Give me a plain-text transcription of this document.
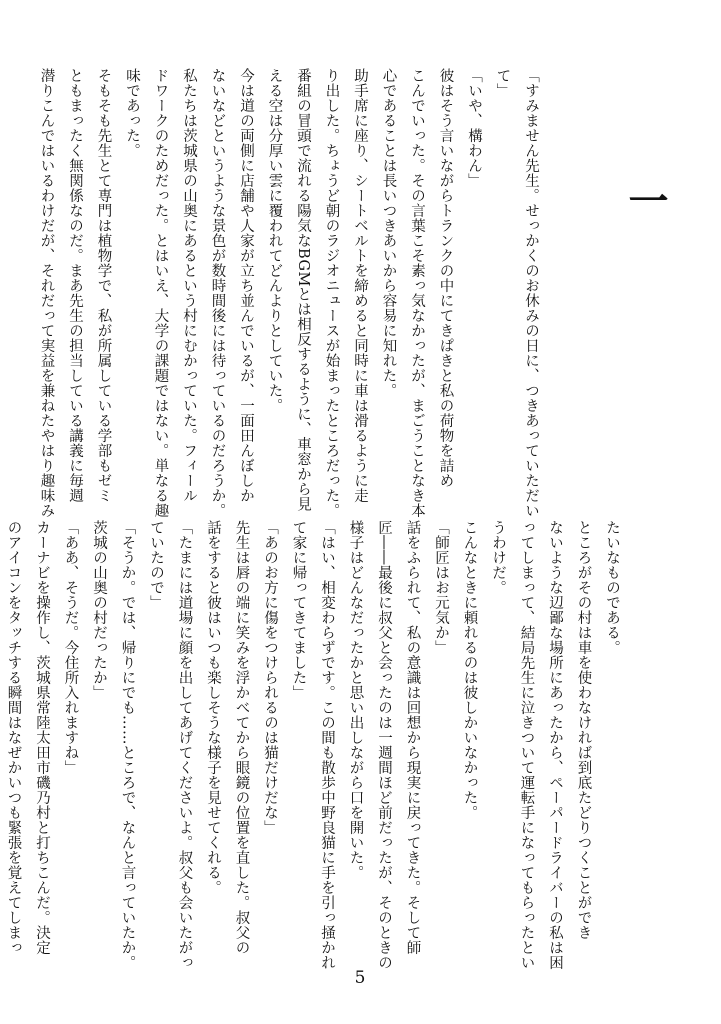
一
「すみません先生。せっかくのお休みの日に、つきあっていただい
て」
「いや、構わん」
彼はそう言いながらトランクの中にてきぱきと私の荷物を詰め
こんでいった。その言葉こそ素っ気なかったが、まごうことなき本
心であることは長いつきあいから容易に知れた。
助手席に座り、シートベルトを締めると同時に車は滑るように走
り出した。ちょうど朝のラジオニュースが始まったところだった。
番組の冒頭で流れる陽気なBGMとは相反するように、車窓から見
える空は分厚い雲に覆われてどんよりとしていた。
今は道の両側に店舗や人家が立ち並んでいるが、一面田んぼしか
ないなどというような景色が数時間後には待っているのだろうか。
私たちは茨城県の山奥にあるという村にむかっていた。フィール
ドワークのためだった。とはいえ、大学の課題ではない。単なる趣
味であった。
そもそも先生とて専門は植物学で、私が所属している学部もゼミ
ともまったく無関係なのだ。まあ先生の担当している講義に毎週
潜りこんではいるわけだが、それだって実益を兼ねたやはり趣味み
たいなものである。
ところがその村は車を使わなければ到底たどりつくことができ
ないような辺鄙な場所にあったから、ペーパードライバーの私は困
ってしまって、結局先生に泣きついて運転手になってもらったとい
うわけだ。
こんなときに頼れるのは彼しかいなかった。
「師匠はお元気か」
話をふられて、私の意識は回想から現実に戻ってきた。そして師
匠――最後に叔父と会ったのは一週間ほど前だったが、そのときの
様子はどんなだったかと思い出しながら口を開いた。
「はい、相変わらずです。この間も散歩中野良猫に手を引っ掻かれ
て家に帰ってきてました」
「あのお方に傷をつけられるのは猫だけだな」
先生は唇の端に笑みを浮かべてから眼鏡の位置を直した。叔父の
話をすると彼はいつも楽しそうな様子を見せてくれる。
「たまには道場に顔を出してあげてくださいよ。叔父も会いたがっ
ていたので」
「そうか。では、帰りにでも……ところで、なんと言っていたか。
茨城の山奥の村だったか」
「ああ、そうだ。今住所入れますね」
カーナビを操作し、茨城県常陸太田市磯乃村と打ちこんだ。決定
のアイコンをタッチする瞬間はなぜかいつも緊張を覚えてしまっ
5
